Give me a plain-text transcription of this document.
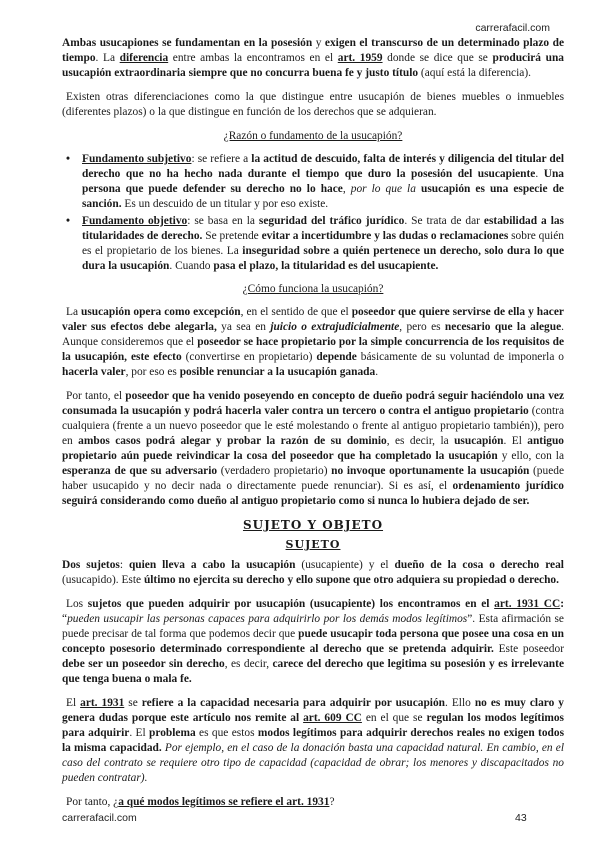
carrerafacil.com

Ambas usucapiones se fundamentan en la posesión y exigen el transcurso de un determinado plazo de tiempo. La diferencia entre ambas la encontramos en el art. 1959 donde se dice que se producirá una usucapión extraordinaria siempre que no concurra buena fe y justo título (aquí está la diferencia).

Existen otras diferenciaciones como la que distingue entre usucapión de bienes muebles o inmuebles (diferentes plazos) o la que distingue en función de los derechos que se adquieran.

¿Razón o fundamento de la usucapión?

• Fundamento subjetivo: se refiere a la actitud de descuido, falta de interés y diligencia del titular del derecho que no ha hecho nada durante el tiempo que duro la posesión del usucapiente. Una persona que puede defender su derecho no lo hace, por lo que la usucapión es una especie de sanción. Es un descuido de un titular y por eso existe.
• Fundamento objetivo: se basa en la seguridad del tráfico jurídico. Se trata de dar estabilidad a las titularidades de derecho. Se pretende evitar a incertidumbre y las dudas o reclamaciones sobre quién es el propietario de los bienes. La inseguridad sobre a quién pertenece un derecho, solo dura lo que dura la usucapión. Cuando pasa el plazo, la titularidad es del usucapiente.

¿Cómo funciona la usucapión?

La usucapión opera como excepción, en el sentido de que el poseedor que quiere servirse de ella y hacer valer sus efectos debe alegarla, ya sea en juicio o extrajudicialmente, pero es necesario que la alegue. Aunque consideremos que el poseedor se hace propietario por la simple concurrencia de los requisitos de la usucapión, este efecto (convertirse en propietario) depende básicamente de su voluntad de imponerla o hacerla valer, por eso es posible renunciar a la usucapión ganada.

Por tanto, el poseedor que ha venido poseyendo en concepto de dueño podrá seguir haciéndolo una vez consumada la usucapión y podrá hacerla valer contra un tercero o contra el antiguo propietario (contra cualquiera (frente a un nuevo poseedor que le esté molestando o frente al antiguo propietario también)), pero en ambos casos podrá alegar y probar la razón de su dominio, es decir, la usucapión. El antiguo propietario aún puede reivindicar la cosa del poseedor que ha completado la usucapión y ello, con la esperanza de que su adversario (verdadero propietario) no invoque oportunamente la usucapión (puede haber usucapido y no decir nada o directamente puede renunciar). Si es así, el ordenamiento jurídico seguirá considerando como dueño al antiguo propietario como si nunca lo hubiera dejado de ser.

SUJETO Y OBJETO
SUJETO

Dos sujetos: quien lleva a cabo la usucapión (usucapiente) y el dueño de la cosa o derecho real (usucapido). Este último no ejercita su derecho y ello supone que otro adquiera su propiedad o derecho.

Los sujetos que pueden adquirir por usucapión (usucapiente) los encontramos en el art. 1931 CC: “pueden usucapir las personas capaces para adquirirlo por los demás modos legítimos”. Esta afirmación se puede precisar de tal forma que podemos decir que puede usucapir toda persona que posee una cosa en un concepto posesorio determinado correspondiente al derecho que se pretenda adquirir. Este poseedor debe ser un poseedor sin derecho, es decir, carece del derecho que legitima su posesión y es irrelevante que tenga buena o mala fe.

El art. 1931 se refiere a la capacidad necesaria para adquirir por usucapión. Ello no es muy claro y genera dudas porque este artículo nos remite al art. 609 CC en el que se regulan los modos legítimos para adquirir. El problema es que estos modos legítimos para adquirir derechos reales no exigen todos la misma capacidad. Por ejemplo, en el caso de la donación basta una capacidad natural. En cambio, en el caso del contrato se requiere otro tipo de capacidad (capacidad de obrar; los menores y discapacitados no pueden contratar).

Por tanto, ¿a qué modos legítimos se refiere el art. 1931?

carrerafacil.com	43
